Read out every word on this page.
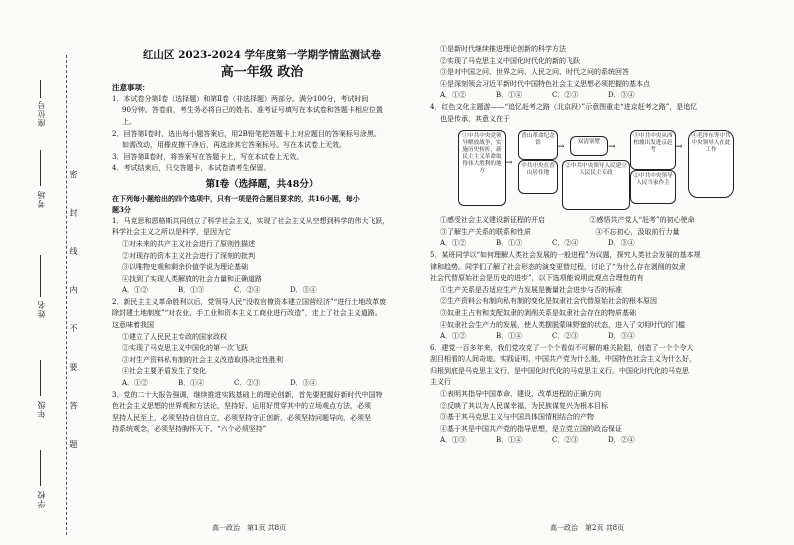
座位号
考场
姓名
年级
学校
密 封 线 内 不 要 答 题
红山区 2023-2024 学年度第一学期学情监测试卷
高一年级 政治
注意事项：
1．本试卷分第Ⅰ卷（选择题）和第Ⅱ卷（非选择题）两部分。满分100分，考试时间
90分钟。答卷前，考生务必将自己的姓名、准考证号填写在本试卷和答题卡相应位置
上。
2．回答第Ⅰ卷时，选出每小题答案后，用2B铅笔把答题卡上对应题目的答案标号涂黑。
如需改动，用橡皮擦干净后，再选涂其它答案标号。写在本试卷上无效。
3．回答第Ⅱ卷时，将答案写在答题卡上，写在本试卷上无效。
4．考试结束后，只交答题卡，本试卷请考生保留。
第Ⅰ卷（选择题，共48分）
在下列每小题给出的四个选项中，只有一项是符合题目要求的，共16小题，每小
题3分
1．马克思和恩格斯共同创立了科学社会主义，实现了社会主义从空想到科学的伟大飞跃，
科学社会主义之所以是科学，是因为它
①对未来的共产主义社会进行了原则性描述
②对现存的资本主义社会进行了深刻的批判
③以唯物史观和剩余价值学说为理论基础
④找到了实现人类解放的社会力量和正确道路
A．①②	B．①③	C．②④	D．③④
2．新民主主义革命胜利以后，党领导人民“没收官僚资本建立国营经济”“进行土地改革废
除封建土地制度”“对农业、手工业和资本主义工商业进行改造”，走上了社会主义道路。
这意味着我国
①建立了人民民主专政的国家政权
②实现了马克思主义中国化的第一次飞跃
③对生产资料私有制的社会主义改造取得决定性胜利
④社会主要矛盾发生了变化
A．①②	B．①④	C．②③	D．③④
3．党的二十大报告强调，继续推进实践基础上的理论创新，首先要把握好新时代中国特
色社会主义思想的世界观和方法论，坚持好、运用好贯穿其中的立场观点方法，必须
坚持人民至上，必须坚持自信自立，必须坚持守正创新，必须坚持问题导向，必须坚
持系统观念，必须坚持胸怀天下。“六个必须坚持”
高一政治　第1页 共8页
①是新时代继续推进理论创新的科学方法
②实现了马克思主义中国化时代化的新的飞跃
③是对中国之问、世界之问、人民之问、时代之问的系统回答
④是深刻领会习近平新时代中国特色社会主义思想必须把握的基本点
A．①②	B．①④	C．②③	D．③④
4．红色文化主题游——“追忆赶考之路（北京段）”示意图重走“进京赶考之路”，是追忆
也是传承，其意义在于
①中共中央党领导解放战争，实施历史转折，新民主主义革命取得伟大胜利的地方
→
香山革命纪念馆
中共中央在香山居住地
→	双清别墅
②中共中央领导人民建立人民民主专政
→
③中共中央从西柏坡出发进京赶考
②中共中央领导人民当家作主
→
④毛泽东等中共中央领导人在此工作
①感受社会主义建设新征程的开启	②感悟共产党人“赶考”的初心使命
③了解生产关系的联系和性质	④不忘初心，汲取前行力量
A．①②	B．①③	C．②④	D．③④
5．某班同学以“如何理解人类社会发展的一般进程”为议题，探究人类社会发展的基本规
律和趋势。同学们了解了社会形态的演变更替过程，讨论了“为什么存在剥削的奴隶
社会代替原始社会是历史的进步”，以下选项能说明此观点合理性的有
①生产关系是否适应生产力发展是衡量社会进步与否的标准
②生产资料公有制向私有制的变化是奴隶社会代替原始社会的根本原因
③奴隶主占有和支配奴隶的剥削关系是奴隶社会存在的物质基础
④奴隶社会生产力的发展，使人类摆脱蒙昧野蛮的状态，进入了文明时代的门槛
A．①②	B．①④	C．②③	D．③④
6．建党一百多年来，我们党攻克了一个个看似不可解的难关险阻，创造了一个个令人
刮目相看的人间奇迹。实践证明，中国共产党为什么能，中国特色社会主义为什么好，
归根到底是马克思主义行，是中国化时代化的马克思主义行。中国化时代化的马克思
主义行
①表明其指导中国革命、建设、改革进程的正确方向
②反映了其以为人民谋幸福，为民族谋复兴为根本目标
③基于其马克思主义与中国具体国情相结合的产物
④基于其是中国共产党的指导思想，是立党立国的政治保证
A．①③	B．①④	C．②③	D．②④
高一政治　第2页 共8页
